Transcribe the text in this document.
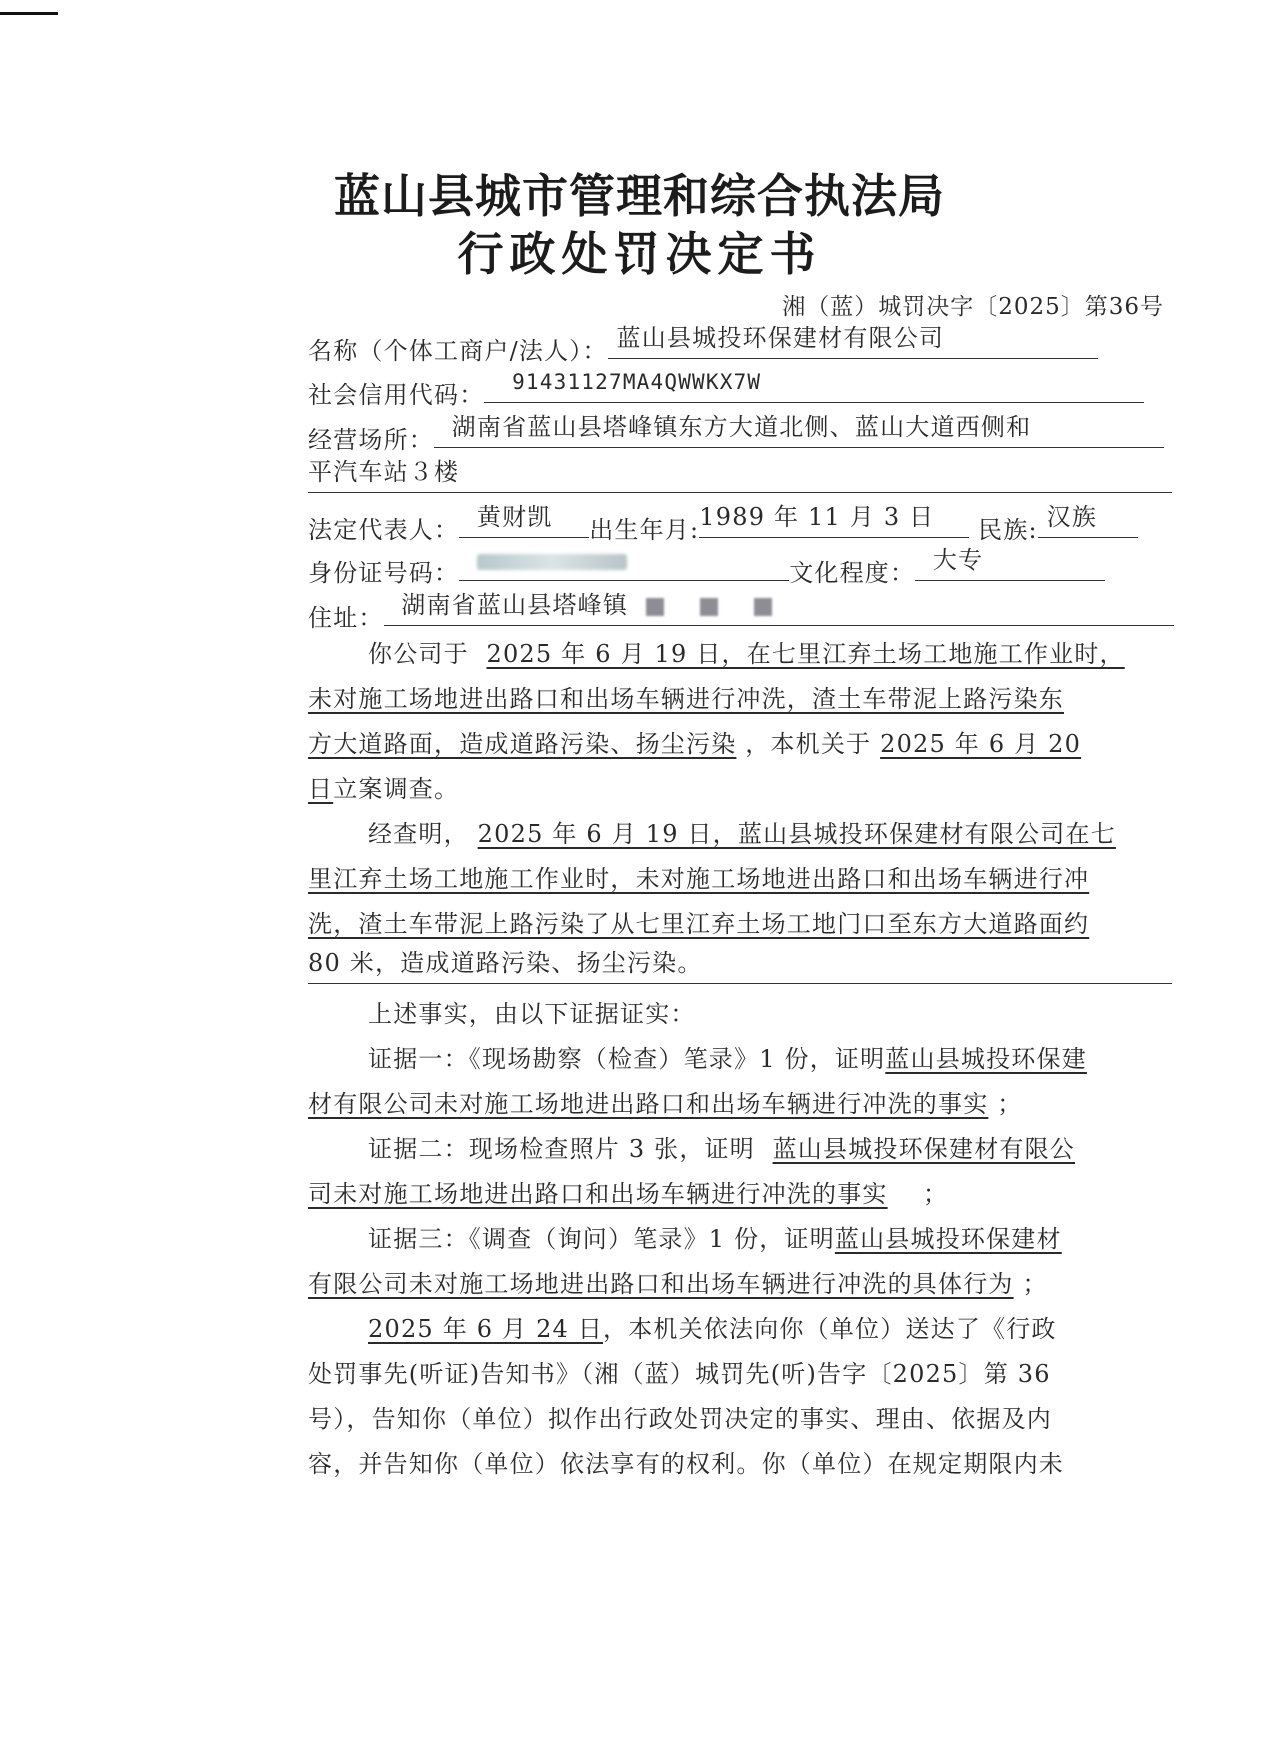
蓝山县城市管理和综合执法局
行政处罚决定书
湘（蓝）城罚决字〔2025〕第36号
名称（个体工商户/法人）： 蓝山县城投环保建材有限公司
社会信用代码： 91431127MA4QWWKX7W
经营场所： 湖南省蓝山县塔峰镇东方大道北侧、蓝山大道西侧和
平汽车站３楼
法定代表人： 黄财凯 出生年月:1989 年 11 月 3 日 民族: 汉族
身份证号码：	文化程度： 大专
住址： 湖南省蓝山县塔峰镇
你公司于 2025 年 6 月 19 日，在七里江弃土场工地施工作业时，
未对施工场地进出路口和出场车辆进行冲洗，渣土车带泥上路污染东
方大道路面，造成道路污染、扬尘污染 ，本机关于 2025 年 6 月 20
日立案调查。
经查明， 2025 年 6 月 19 日，蓝山县城投环保建材有限公司在七
里江弃土场工地施工作业时，未对施工场地进出路口和出场车辆进行冲
洗，渣土车带泥上路污染了从七里江弃土场工地门口至东方大道路面约
80 米，造成道路污染、扬尘污染。
上述事实，由以下证据证实：
证据一：《现场勘察（检查）笔录》1 份，证明蓝山县城投环保建
材有限公司未对施工场地进出路口和出场车辆进行冲洗的事实 ；
证据二：现场检查照片 3 张，证明 蓝山县城投环保建材有限公
司未对施工场地进出路口和出场车辆进行冲洗的事实 ；
证据三：《调查（询问）笔录》1 份，证明蓝山县城投环保建材
有限公司未对施工场地进出路口和出场车辆进行冲洗的具体行为 ；
2025 年 6 月 24 日，本机关依法向你（单位）送达了《行政
处罚事先(听证)告知书》（湘（蓝）城罚先(听)告字〔2025〕第 36
号），告知你（单位）拟作出行政处罚决定的事实、理由、依据及内
容，并告知你（单位）依法享有的权利。你（单位）在规定期限内未
